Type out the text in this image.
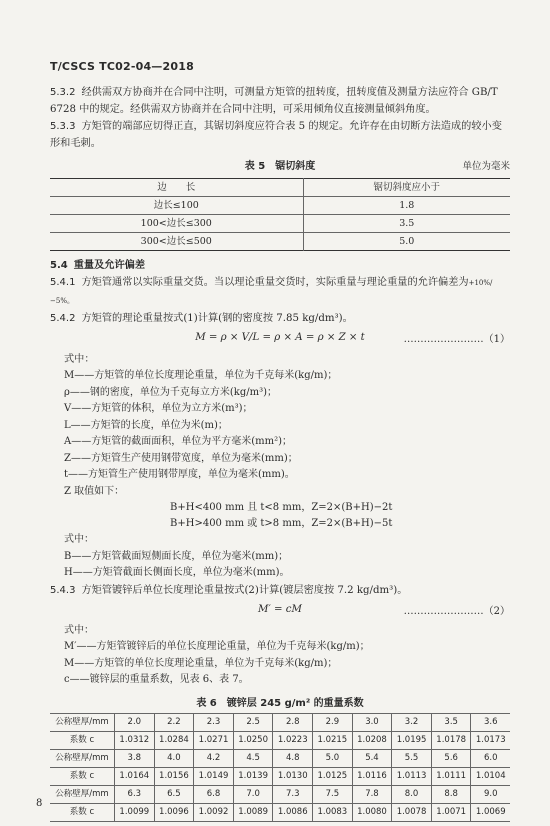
T/CSCS TC02-04—2018

5.3.2 经供需双方协商并在合同中注明，可测量方矩管的扭转度，扭转度值及测量方法应符合 GB/T 6728 中的规定。经供需双方协商并在合同中注明，可采用倾角仪直接测量倾斜角度。

5.3.3 方矩管的端部应切得正直，其锯切斜度应符合表 5 的规定。允许存在由切断方法造成的较小变形和毛刺。

表 5　锯切斜度	单位为毫米
边　　长	锯切斜度应小于
边长≤100	1.8
100<边长≤300	3.5
300<边长≤500	5.0

5.4 重量及允许偏差

5.4.1 方矩管通常以实际重量交货。当以理论重量交货时，实际重量与理论重量的允许偏差为+10%/−5%。

5.4.2 方矩管的理论重量按式(1)计算(钢的密度按 7.85 kg/dm³)。

M = ρ × V/L = ρ × A = ρ × Z × t	……………………（1）

式中：

M——方矩管的单位长度理论重量，单位为千克每米(kg/m)；
ρ——钢的密度，单位为千克每立方米(kg/m³)；
V——方矩管的体积，单位为立方米(m³)；
L——方矩管的长度，单位为米(m)；
A——方矩管的截面面积，单位为平方毫米(mm²)；
Z——方矩管生产使用钢带宽度，单位为毫米(mm)；
t——方矩管生产使用钢带厚度，单位为毫米(mm)。
Z 取值如下：
B+H<400 mm 且 t<8 mm，Z=2×(B+H)−2t
B+H>400 mm 或 t>8 mm，Z=2×(B+H)−5t
式中：
B——方矩管截面短侧面长度，单位为毫米(mm)；
H——方矩管截面长侧面长度，单位为毫米(mm)。

5.4.3 方矩管镀锌后单位长度理论重量按式(2)计算(镀层密度按 7.2 kg/dm³)。

M′ = cM	……………………（2）
式中：
M′——方矩管镀锌后的单位长度理论重量，单位为千克每米(kg/m)；
M——方矩管的单位长度理论重量，单位为千克每米(kg/m)；
c——镀锌层的重量系数，见表 6、表 7。
表 6　镀锌层 245 g/m² 的重量系数
公称壁厚/mm	2.0	2.2	2.3	2.5	2.8	2.9	3.0	3.2	3.5	3.6
系数 c	1.0312	1.0284	1.0271	1.0250	1.0223	1.0215	1.0208	1.0195	1.0178	1.0173
公称壁厚/mm	3.8	4.0	4.2	4.5	4.8	5.0	5.4	5.5	5.6	6.0
系数 c	1.0164	1.0156	1.0149	1.0139	1.0130	1.0125	1.0116	1.0113	1.0111	1.0104
公称壁厚/mm	6.3	6.5	6.8	7.0	7.3	7.5	7.8	8.0	8.8	9.0
系数 c	1.0099	1.0096	1.0092	1.0089	1.0086	1.0083	1.0080	1.0078	1.0071	1.0069
8
